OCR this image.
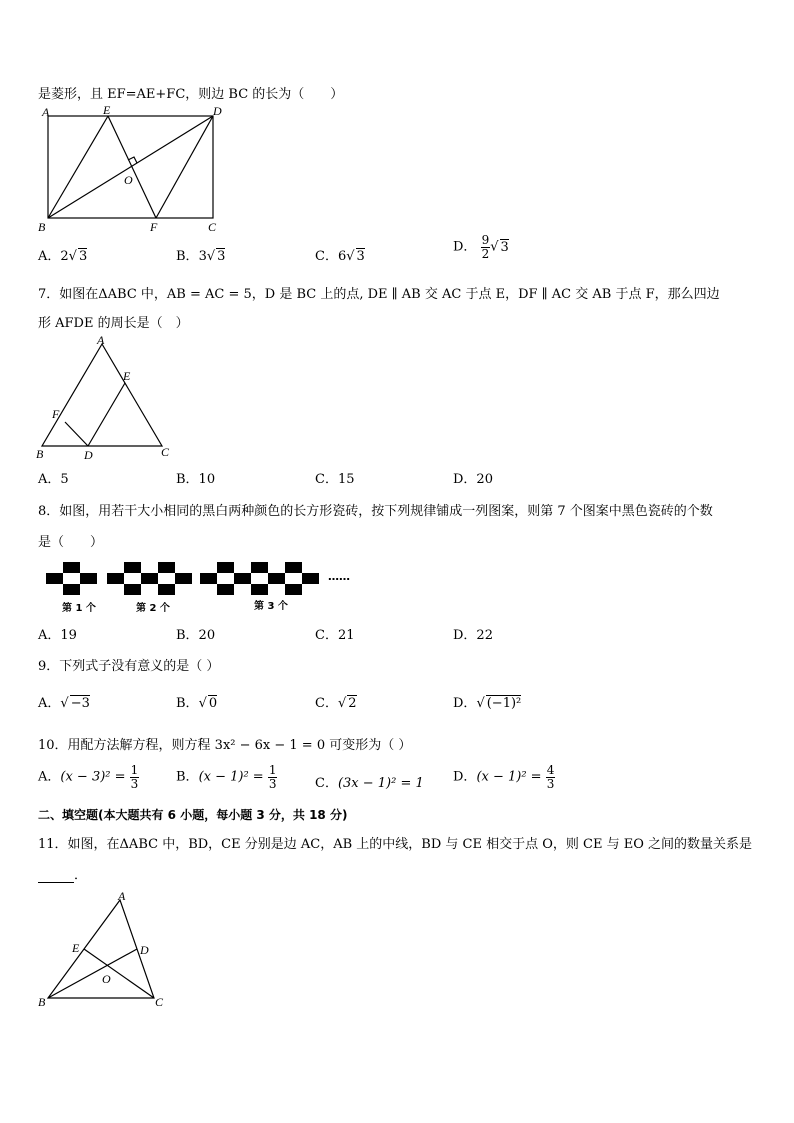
是菱形，且 EF=AE+FC，则边 BC 的长为（　　）
A	E	D
O
B	F	C
A．2√ 3	B．3√ 3	C．6√ 3
D． $\frac{9}{2}$ √ 3
7．如图在ΔABC 中，AB = AC = 5，D 是 BC 上的点, DE ∥ AB 交 AC 于点 E，DF ∥ AC 交 AB 于点 F，那么四边
形 AFDE 的周长是（　）
A
E
F
B	D	C
A．5	B．10	C．15	D．20
8．如图，用若干大小相同的黑白两种颜色的长方形瓷砖，按下列规律铺成一列图案，则第 7 个图案中黑色瓷砖的个数
是（　　）
第 1 个	第 2 个	第 3 个
……
A．19	B．20	C．21	D．22
9．下列式子没有意义的是（ ）
A．√ −3	B．√ 0	C．√ 2	D．√ (−1)²
10．用配方法解方程，则方程 3x² − 6x − 1 = 0 可变形为（ ）
A．$(x - 3)^2 = \frac{1}{3}$	B．$(x - 1)^2 = \frac{1}{3}$	C．(3x − 1)² = 1 D．$(x - 1)^2 = \frac{4}{3}$
二、填空题(本大题共有 6 小题，每小题 3 分，共 18 分)
11．如图，在ΔABC 中，BD，CE 分别是边 AC，AB 上的中线，BD 与 CE 相交于点 O，则 CE 与 EO 之间的数量关系是
．
A
E	D
O
B	C
